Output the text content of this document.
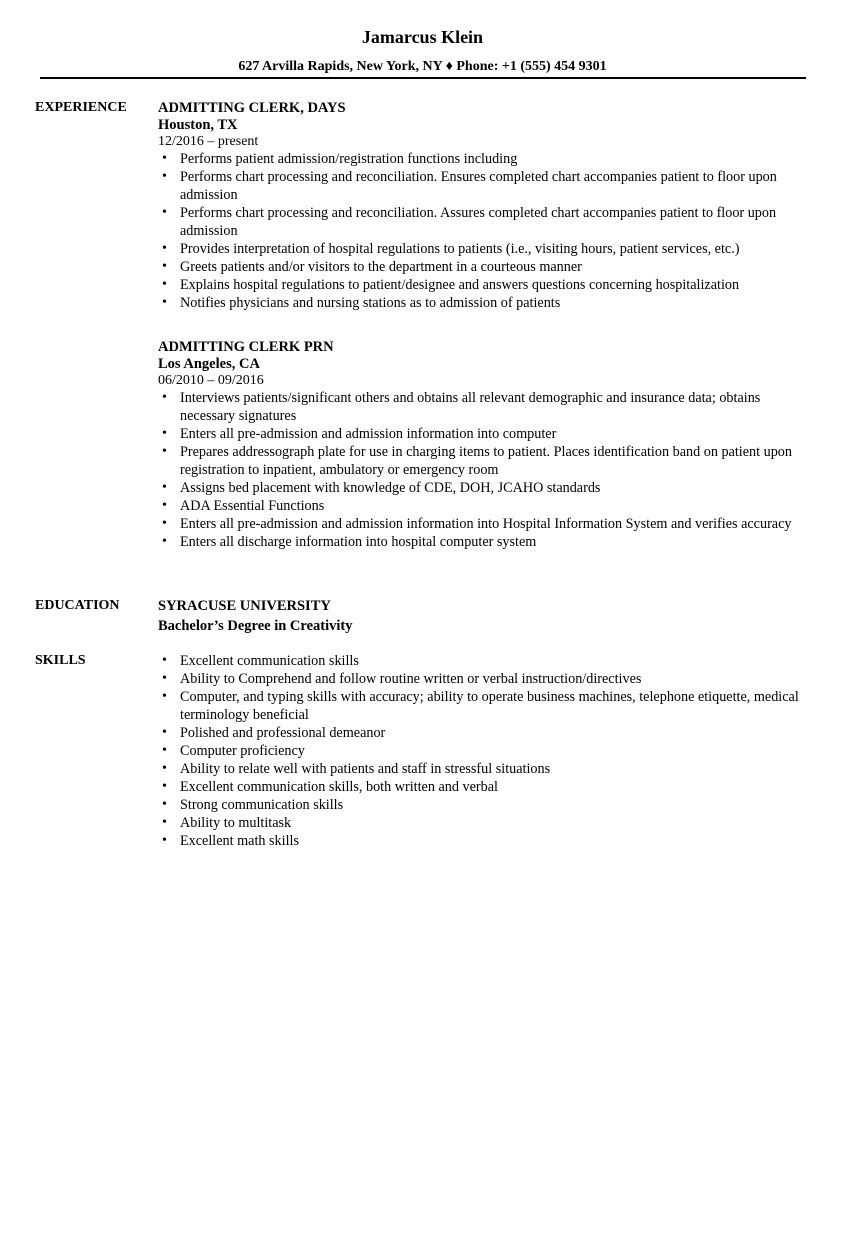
Jamarcus Klein
627 Arvilla Rapids, New York, NY ♦ Phone: +1 (555) 454 9301
EXPERIENCE ADMITTING CLERK, DAYS
Houston, TX
12/2016 – present
• Performs patient admission/registration functions including
• Performs chart processing and reconciliation. Ensures completed chart accompanies patient to floor upon admission
• Performs chart processing and reconciliation. Assures completed chart accompanies patient to floor upon admission
• Provides interpretation of hospital regulations to patients (i.e., visiting hours, patient services, etc.)
• Greets patients and/or visitors to the department in a courteous manner
• Explains hospital regulations to patient/designee and answers questions concerning hospitalization
• Notifies physicians and nursing stations as to admission of patients
ADMITTING CLERK PRN
Los Angeles, CA
06/2010 – 09/2016
• Interviews patients/significant others and obtains all relevant demographic and insurance data; obtains necessary signatures
• Enters all pre-admission and admission information into computer
• Prepares addressograph plate for use in charging items to patient. Places identification band on patient upon registration to inpatient, ambulatory or emergency room
• Assigns bed placement with knowledge of CDE, DOH, JCAHO standards
• ADA Essential Functions
• Enters all pre-admission and admission information into Hospital Information System and verifies accuracy
• Enters all discharge information into hospital computer system
EDUCATION	SYRACUSE UNIVERSITY
Bachelor’s Degree in Creativity
SKILLS
•	Excellent communication skills
• Ability to Comprehend and follow routine written or verbal instruction/directives
• Computer, and typing skills with accuracy; ability to operate business machines, telephone etiquette, medical terminology beneficial
• Polished and professional demeanor
• Computer proficiency
• Ability to relate well with patients and staff in stressful situations
• Excellent communication skills, both written and verbal
• Strong communication skills
• Ability to multitask
• Excellent math skills
